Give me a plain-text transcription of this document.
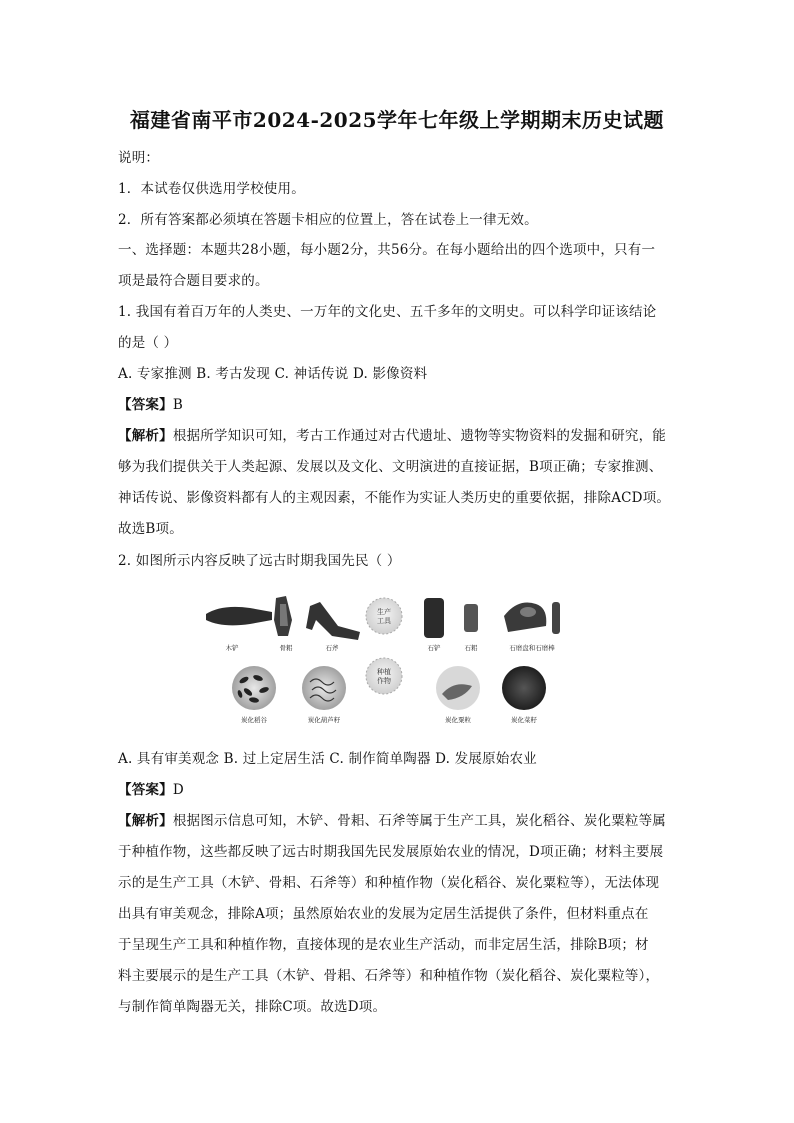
福建省南平市2024-2025学年七年级上学期期末历史试题
说明：
1．本试卷仅供选用学校使用。
2．所有答案都必须填在答题卡相应的位置上，答在试卷上一律无效。
一、选择题：本题共28小题，每小题2分，共56分。在每小题给出的四个选项中，只有一
项是最符合题目要求的。
1. 我国有着百万年的人类史、一万年的文化史、五千多年的文明史。可以科学印证该结论
的是（ ）
A. 专家推测 B. 考古发现 C. 神话传说 D. 影像资料
【答案】B
【解析】根据所学知识可知，考古工作通过对古代遗址、遗物等实物资料的发掘和研究，能
够为我们提供关于人类起源、发展以及文化、文明演进的直接证据，B项正确；专家推测、
神话传说、影像资料都有人的主观因素，不能作为实证人类历史的重要依据，排除ACD项。
故选B项。
2. 如图所示内容反映了远古时期我国先民（ ）
生产
工具
木铲	骨耜	石斧	石铲	石耜	石磨盘和石磨棒
种植
作物
炭化稻谷	炭化葫芦籽	炭化粟粒	炭化菜籽
A. 具有审美观念 B. 过上定居生活 C. 制作简单陶器 D. 发展原始农业
【答案】D
【解析】根据图示信息可知，木铲、骨耜、石斧等属于生产工具，炭化稻谷、炭化粟粒等属
于种植作物，这些都反映了远古时期我国先民发展原始农业的情况，D项正确；材料主要展
示的是生产工具（木铲、骨耜、石斧等）和种植作物（炭化稻谷、炭化粟粒等），无法体现
出具有审美观念，排除A项；虽然原始农业的发展为定居生活提供了条件，但材料重点在
于呈现生产工具和种植作物，直接体现的是农业生产活动，而非定居生活，排除B项；材
料主要展示的是生产工具（木铲、骨耜、石斧等）和种植作物（炭化稻谷、炭化粟粒等），
与制作简单陶器无关，排除C项。故选D项。
